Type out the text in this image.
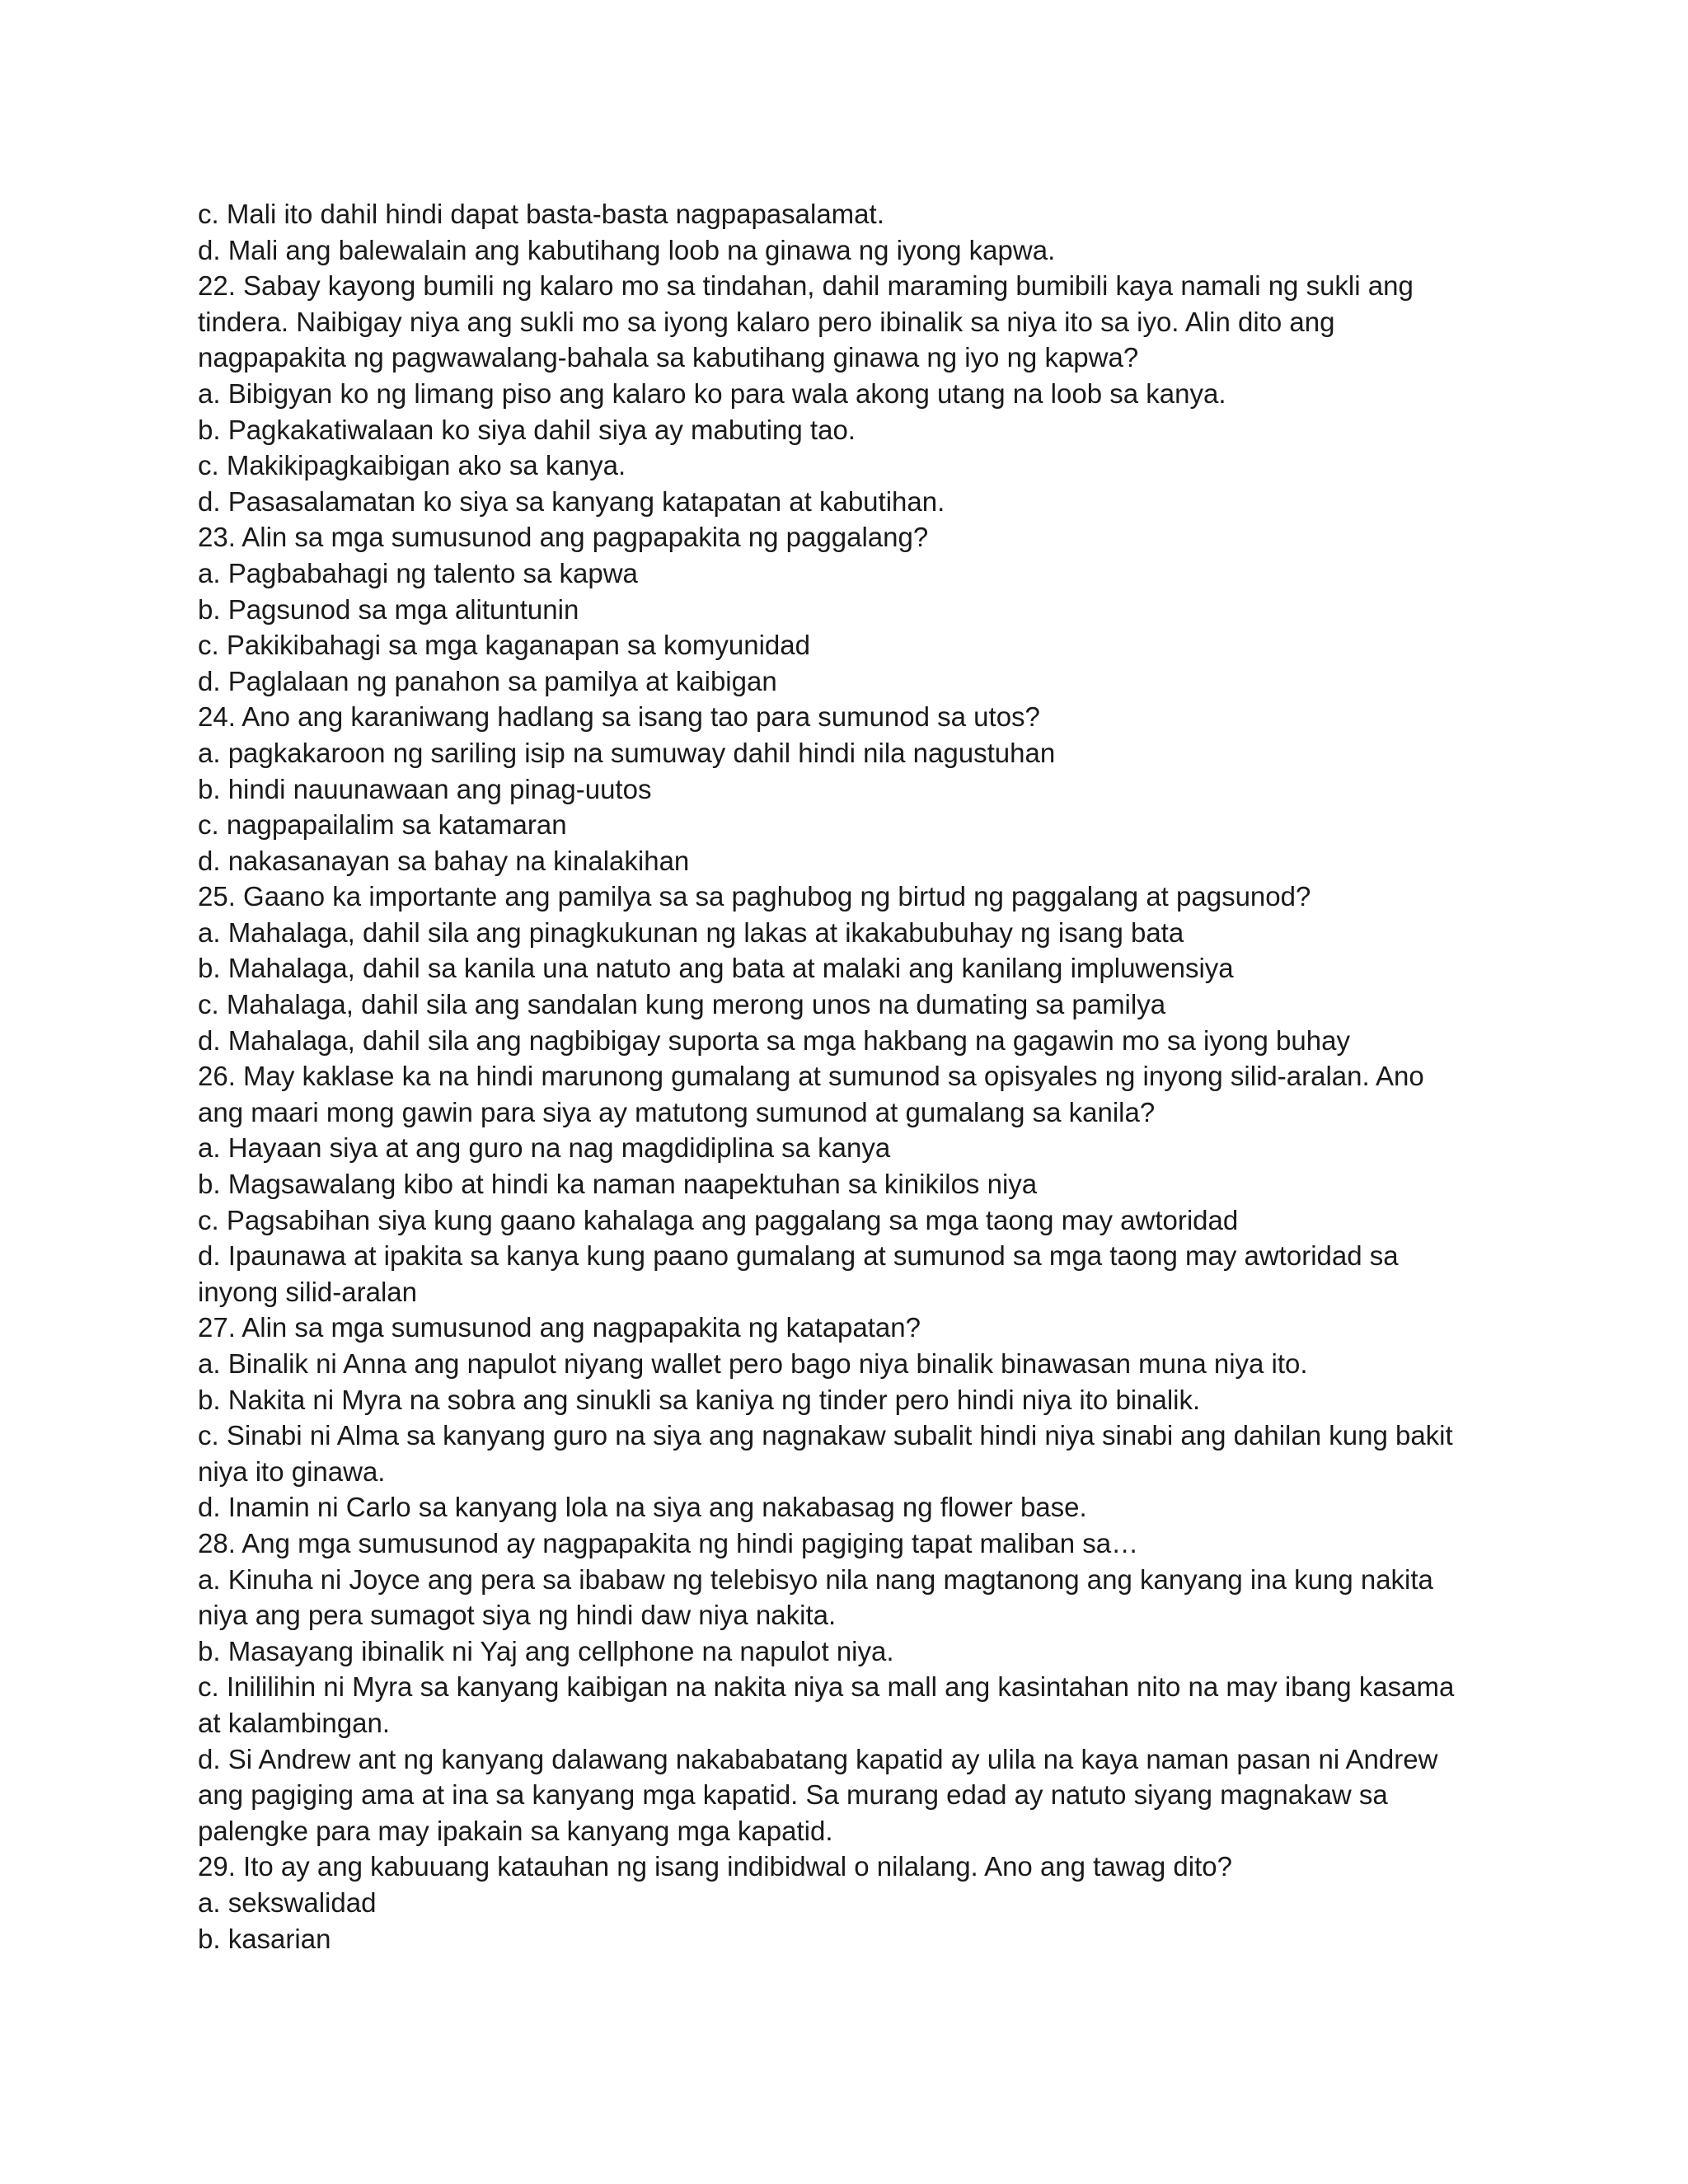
c. Mali ito dahil hindi dapat basta-basta nagpapasalamat.
d. Mali ang balewalain ang kabutihang loob na ginawa ng iyong kapwa.
22. Sabay kayong bumili ng kalaro mo sa tindahan, dahil maraming bumibili kaya namali ng sukli ang
tindera. Naibigay niya ang sukli mo sa iyong kalaro pero ibinalik sa niya ito sa iyo. Alin dito ang
nagpapakita ng pagwawalang-bahala sa kabutihang ginawa ng iyo ng kapwa?
a. Bibigyan ko ng limang piso ang kalaro ko para wala akong utang na loob sa kanya.
b. Pagkakatiwalaan ko siya dahil siya ay mabuting tao.
c. Makikipagkaibigan ako sa kanya.
d. Pasasalamatan ko siya sa kanyang katapatan at kabutihan.
23. Alin sa mga sumusunod ang pagpapakita ng paggalang?
a. Pagbabahagi ng talento sa kapwa
b. Pagsunod sa mga alituntunin
c. Pakikibahagi sa mga kaganapan sa komyunidad
d. Paglalaan ng panahon sa pamilya at kaibigan
24. Ano ang karaniwang hadlang sa isang tao para sumunod sa utos?
a. pagkakaroon ng sariling isip na sumuway dahil hindi nila nagustuhan
b. hindi nauunawaan ang pinag-uutos
c. nagpapailalim sa katamaran
d. nakasanayan sa bahay na kinalakihan
25. Gaano ka importante ang pamilya sa sa paghubog ng birtud ng paggalang at pagsunod?
a. Mahalaga, dahil sila ang pinagkukunan ng lakas at ikakabubuhay ng isang bata
b. Mahalaga, dahil sa kanila una natuto ang bata at malaki ang kanilang impluwensiya
c. Mahalaga, dahil sila ang sandalan kung merong unos na dumating sa pamilya
d. Mahalaga, dahil sila ang nagbibigay suporta sa mga hakbang na gagawin mo sa iyong buhay
26. May kaklase ka na hindi marunong gumalang at sumunod sa opisyales ng inyong silid-aralan. Ano
ang maari mong gawin para siya ay matutong sumunod at gumalang sa kanila?
a. Hayaan siya at ang guro na nag magdidiplina sa kanya
b. Magsawalang kibo at hindi ka naman naapektuhan sa kinikilos niya
c. Pagsabihan siya kung gaano kahalaga ang paggalang sa mga taong may awtoridad
d. Ipaunawa at ipakita sa kanya kung paano gumalang at sumunod sa mga taong may awtoridad sa
inyong silid-aralan
27. Alin sa mga sumusunod ang nagpapakita ng katapatan?
a. Binalik ni Anna ang napulot niyang wallet pero bago niya binalik binawasan muna niya ito.
b. Nakita ni Myra na sobra ang sinukli sa kaniya ng tinder pero hindi niya ito binalik.
c. Sinabi ni Alma sa kanyang guro na siya ang nagnakaw subalit hindi niya sinabi ang dahilan kung bakit
niya ito ginawa.
d. Inamin ni Carlo sa kanyang lola na siya ang nakabasag ng flower base.
28. Ang mga sumusunod ay nagpapakita ng hindi pagiging tapat maliban sa…
a. Kinuha ni Joyce ang pera sa ibabaw ng telebisyo nila nang magtanong ang kanyang ina kung nakita
niya ang pera sumagot siya ng hindi daw niya nakita.
b. Masayang ibinalik ni Yaj ang cellphone na napulot niya.
c. Inililihin ni Myra sa kanyang kaibigan na nakita niya sa mall ang kasintahan nito na may ibang kasama
at kalambingan.
d. Si Andrew ant ng kanyang dalawang nakababatang kapatid ay ulila na kaya naman pasan ni Andrew
ang pagiging ama at ina sa kanyang mga kapatid. Sa murang edad ay natuto siyang magnakaw sa
palengke para may ipakain sa kanyang mga kapatid.
29. Ito ay ang kabuuang katauhan ng isang indibidwal o nilalang. Ano ang tawag dito?
a. sekswalidad
b. kasarian
